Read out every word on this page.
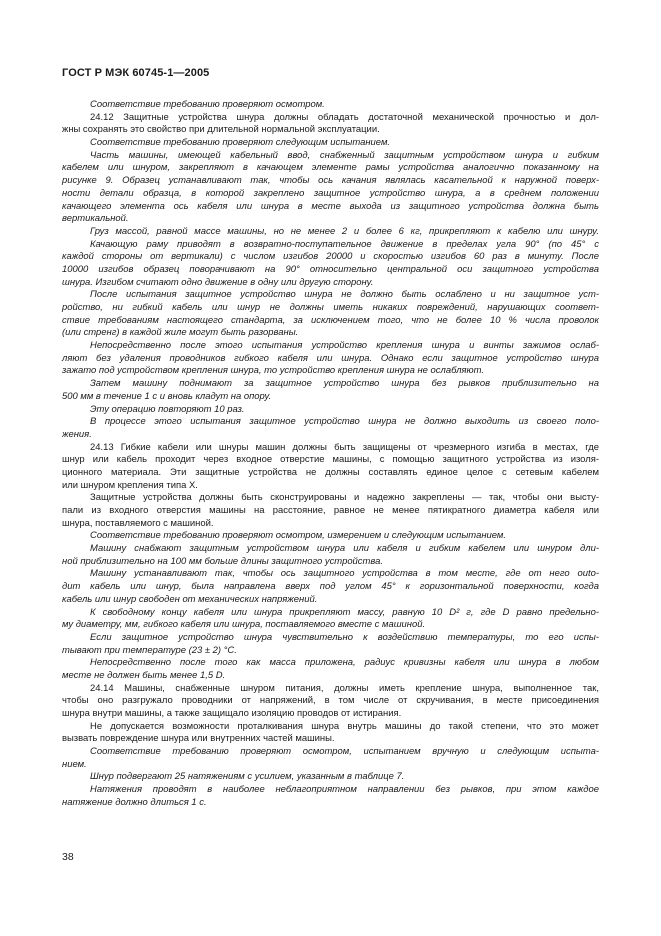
ГОСТ Р МЭК 60745-1—2005
Соответствие требованию проверяют осмотром.
24.12 Защитные устройства шнура должны обладать достаточной механической прочностью и дол-
жны сохранять это свойство при длительной нормальной эксплуатации.
Соответствие требованию проверяют следующим испытанием.
Часть машины, имеющей кабельный ввод, снабженный защитным устройством шнура и гибким
кабелем или шнуром, закрепляют в качающем элементе рамы устройства аналогично показанному на
рисунке 9. Образец устанавливают так, чтобы ось качания являлась касательной к наружной поверх-
ности детали образца, в которой закреплено защитное устройство шнура, а в среднем положении
качающего элемента ось кабеля или шнура в месте выхода из защитного устройства должна быть
вертикальной.
Груз массой, равной массе машины, но не менее 2 и более 6 кг, прикрепляют к кабелю или шнуру.
Качающую раму приводят в возвратно-поступательное движение в пределах угла 90° (по 45° с
каждой стороны от вертикали) с числом изгибов 20000 и скоростью изгибов 60 раз в минуту. После
10000 изгибов образец поворачивают на 90° относительно центральной оси защитного устройства
шнура. Изгибом считают одно движение в одну или другую сторону.
После испытания защитное устройство шнура не должно быть ослаблено и ни защитное уст-
ройство, ни гибкий кабель или шнур не должны иметь никаких повреждений, нарушающих соответ-
ствие требованиям настоящего стандарта, за исключением того, что не более 10 % числа проволок
(или стренг) в каждой жиле могут быть разорваны.
Непосредственно после этого испытания устройство крепления шнура и винты зажимов ослаб-
ляют без удаления проводников гибкого кабеля или шнура. Однако если защитное устройство шнура
зажато под устройством крепления шнура, то устройство крепления шнура не ослабляют.
Затем машину поднимают за защитное устройство шнура без рывков приблизительно на
500 мм в течение 1 с и вновь кладут на опору.
Эту операцию повторяют 10 раз.
В процессе этого испытания защитное устройство шнура не должно выходить из своего поло-
жения.
24.13 Гибкие кабели или шнуры машин должны быть защищены от чрезмерного изгиба в местах, где
шнур или кабель проходит через входное отверстие машины, с помощью защитного устройства из изоля-
ционного материала. Эти защитные устройства не должны составлять единое целое с сетевым кабелем
или шнуром крепления типа X.
Защитные устройства должны быть сконструированы и надежно закреплены — так, чтобы они высту-
пали из входного отверстия машины на расстояние, равное не менее пятикратного диаметра кабеля или
шнура, поставляемого с машиной.
Соответствие требованию проверяют осмотром, измерением и следующим испытанием.
Машину снабжают защитным устройством шнура или кабеля и гибким кабелем или шнуром дли-
ной приблизительно на 100 мм больше длины защитного устройства.
Машину устанавливают так, чтобы ось защитного устройства в том месте, где от него outo-
дит кабель или шнур, была направлена вверх под углом 45° к горизонтальной поверхности, когда
кабель или шнур свободен от механических напряжений.
К свободному концу кабеля или шнура прикрепляют массу, равную 10 D² г, где D равно предельно-
му диаметру, мм, гибкого кабеля или шнура, поставляемого вместе с машиной.
Если защитное устройство шнура чувствительно к воздействию температуры, то его испы-
тывают при температуре (23 ± 2) °С.
Непосредственно после того как масса приложена, радиус кривизны кабеля или шнура в любом
месте не должен быть менее 1,5 D.
24.14 Машины, снабженные шнуром питания, должны иметь крепление шнура, выполненное так,
чтобы оно разгружало проводники от напряжений, в том числе от скручивания, в месте присоединения
шнура внутри машины, а также защищало изоляцию проводов от истирания.
Не допускается возможности проталкивания шнура внутрь машины до такой степени, что это может
вызвать повреждение шнура или внутренних частей машины.
Соответствие требованию проверяют осмотром, испытанием вручную и следующим испыта-
нием.
Шнур подвергают 25 натяжениям с усилием, указанным в таблице 7.
Натяжения проводят в наиболее неблагоприятном направлении без рывков, при этом каждое
натяжение должно длиться 1 с.
38
